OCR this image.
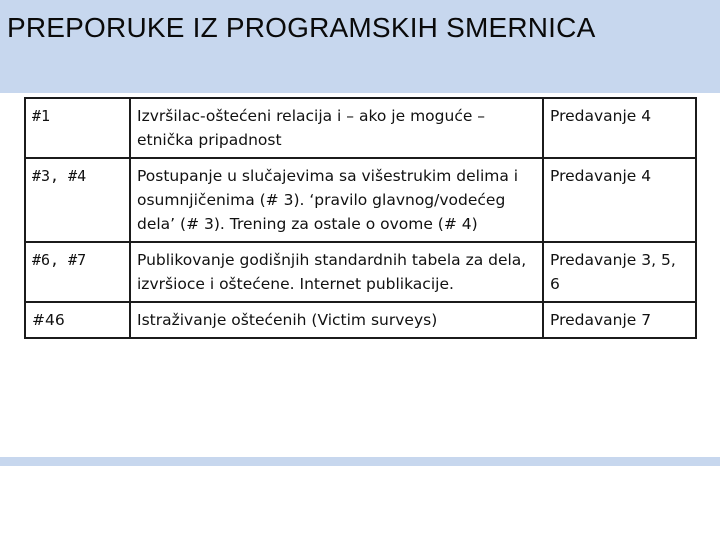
PREPORUKE IZ PROGRAMSKIH SMERNICA
#1	Izvršilac-oštećeni relacija i – ako je moguće – etnička pripadnost	Predavanje 4
#3, #4	Postupanje u slučajevima sa višestrukim delima i osumnjičenima (# 3). ‘pravilo glavnog/vodećeg dela’ (# 3). Trening za ostale o ovome (# 4)	Predavanje 4
#6, #7	Publikovanje godišnjih standardnih tabela za dela, izvršioce i oštećene. Internet publikacije.	Predavanje 3, 5, 6
#46	Istraživanje oštećenih (Victim surveys)	Predavanje 7
